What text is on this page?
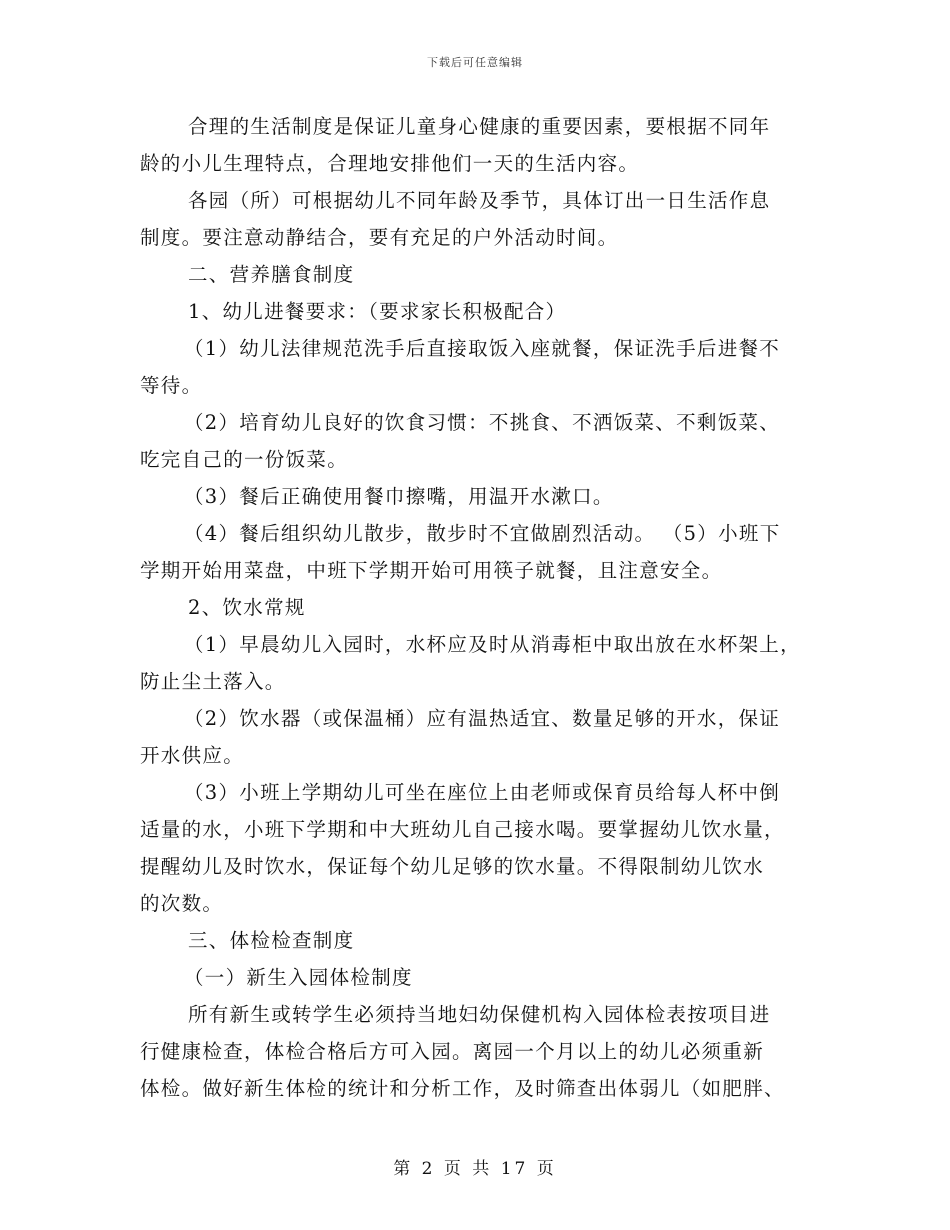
下载后可任意编辑
合理的生活制度是保证儿童身心健康的重要因素，要根据不同年
龄的小儿生理特点，合理地安排他们一天的生活内容。
各园（所）可根据幼儿不同年龄及季节，具体订出一日生活作息
制度。要注意动静结合，要有充足的户外活动时间。
二、营养膳食制度
1、幼儿进餐要求：（要求家长积极配合）
（1）幼儿法律规范洗手后直接取饭入座就餐，保证洗手后进餐不
等待。
（2）培育幼儿良好的饮食习惯：不挑食、不洒饭菜、不剩饭菜、
吃完自己的一份饭菜。
（3）餐后正确使用餐巾擦嘴，用温开水漱口。
（4）餐后组织幼儿散步，散步时不宜做剧烈活动。 （5）小班下
学期开始用菜盘，中班下学期开始可用筷子就餐，且注意安全。
2、饮水常规
（1）早晨幼儿入园时，水杯应及时从消毒柜中取出放在水杯架上，
防止尘土落入。
（2）饮水器（或保温桶）应有温热适宜、数量足够的开水，保证
开水供应。
（3）小班上学期幼儿可坐在座位上由老师或保育员给每人杯中倒
适量的水，小班下学期和中大班幼儿自己接水喝。要掌握幼儿饮水量，
提醒幼儿及时饮水，保证每个幼儿足够的饮水量。不得限制幼儿饮水
的次数。
三、体检检查制度
（一）新生入园体检制度
所有新生或转学生必须持当地妇幼保健机构入园体检表按项目进
行健康检查，体检合格后方可入园。离园一个月以上的幼儿必须重新
体检。做好新生体检的统计和分析工作，及时筛查出体弱儿（如肥胖、
第 2 页 共 17 页
